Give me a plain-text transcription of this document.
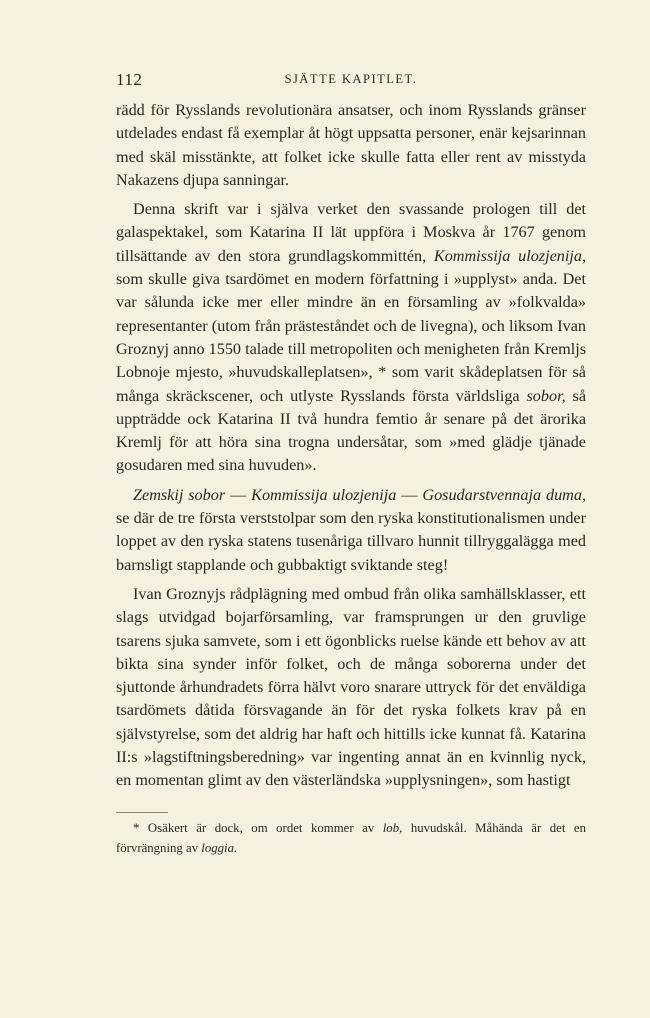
112	SJÄTTE KAPITLET.

rädd för Rysslands revolutionära ansatser, och inom Rysslands gränser utdelades endast få exemplar åt högt uppsatta personer, enär kejsarinnan med skäl misstänkte, att folket icke skulle fatta eller rent av misstyda Nakazens djupa sanningar.

Denna skrift var i själva verket den svassande prologen till det galaspektakel, som Katarina II lät uppföra i Moskva år 1767 genom tillsättande av den stora grundlagskommittén, Kommissija ulozjenija, som skulle giva tsardömet en modern författning i »upplyst» anda. Det var sålunda icke mer eller mindre än en församling av »folkvalda» representanter (utom från prästeståndet och de livegna), och liksom Ivan Groznyj anno 1550 talade till metropoliten och menigheten från Kremljs Lobnoje mjesto, »huvudskalleplatsen», * som varit skådeplatsen för så många skräckscener, och utlyste Rysslands första världsliga sobor, så uppträdde ock Katarina II två hundra femtio år senare på det ärorika Kremlj för att höra sina trogna undersåtar, som »med glädje tjänade gosudaren med sina huvuden».

Zemskij sobor — Kommissija ulozjenija — Gosudarstvennaja duma, se där de tre första verststolpar som den ryska konstitutionalismen under loppet av den ryska statens tusenåriga tillvaro hunnit tillryggalägga med barnsligt stapplande och gubbaktigt sviktande steg!

Ivan Groznyjs rådplägning med ombud från olika samhällsklasser, ett slags utvidgad bojarförsamling, var framsprungen ur den gruvlige tsarens sjuka samvete, som i ett ögonblicks ruelse kände ett behov av att bikta sina synder inför folket, och de många soborerna under det sjuttonde århundradets förra hälvt voro snarare uttryck för det enväldiga tsardömets dåtida försvagande än för det ryska folkets krav på en självstyrelse, som det aldrig har haft och hittills icke kunnat få. Katarina II:s »lagstiftningsberedning» var ingenting annat än en kvinnlig nyck, en momentan glimt av den västerländska »upplysningen», som hastigt

* Osäkert är dock, om ordet kommer av lob, huvudskål. Måhända är det en förvrängning av loggia.
